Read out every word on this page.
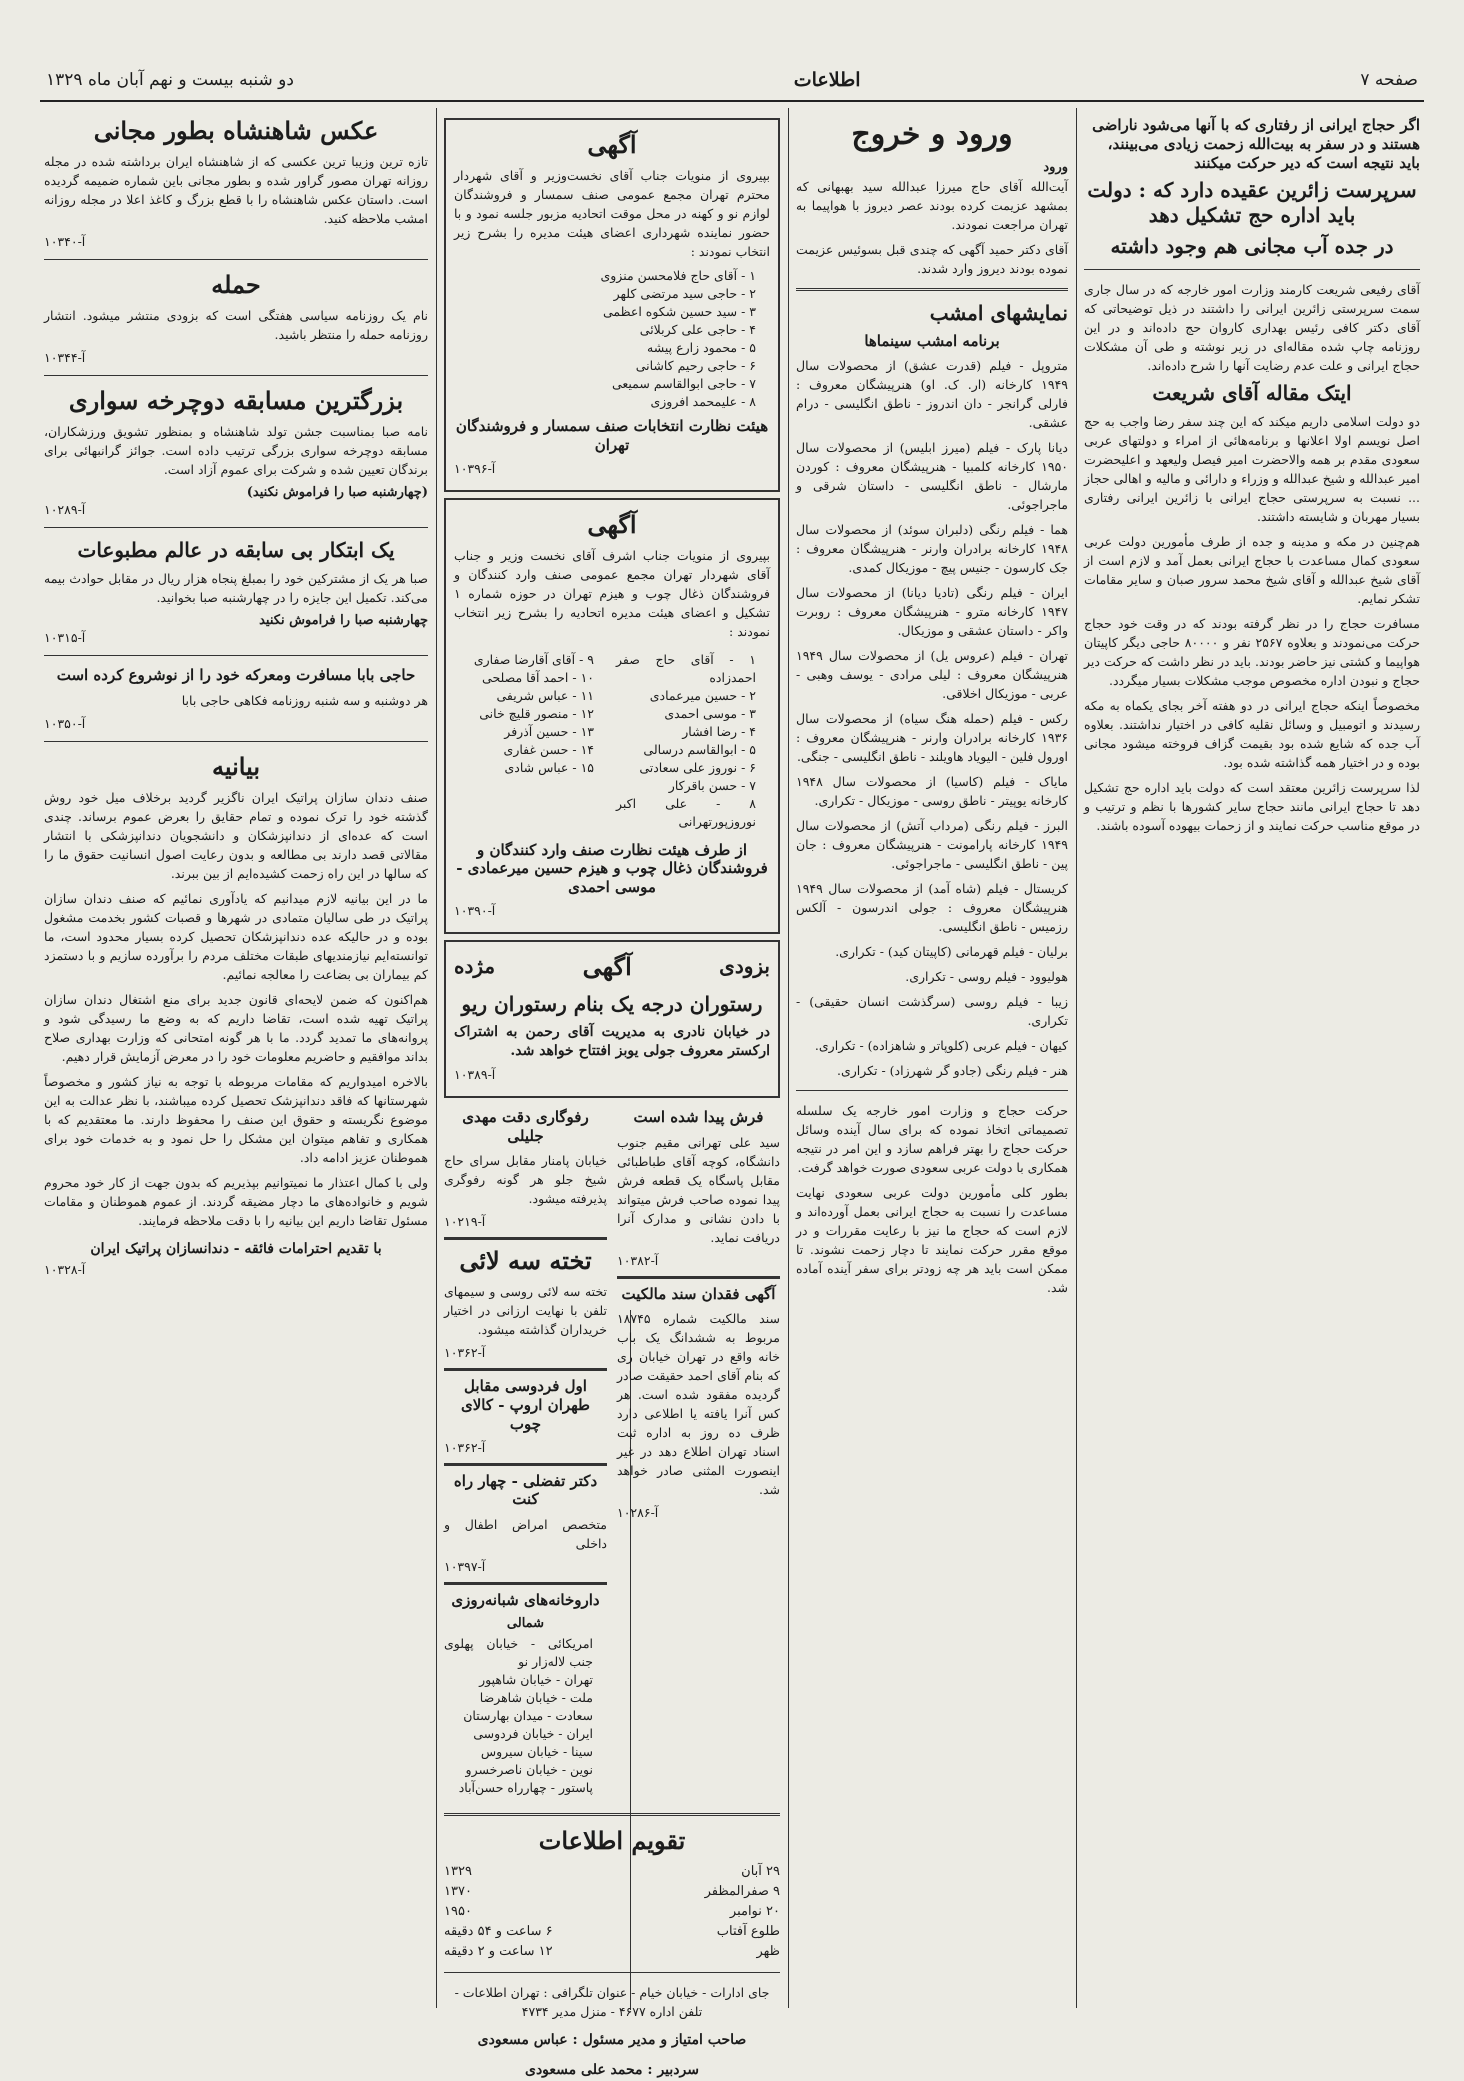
صفحه ۷
اطلاعات
دو شنبه بیست و نهم آبان ماه ۱۳۲۹
اگر حجاج ایرانی از رفتاری که با آنها می‌شود ناراضی هستند و در سفر به بیت‌الله زحمت زیادی می‌بینند، باید نتیجه است که دیر حرکت میکنند
سرپرست زائرین عقیده دارد که : دولت باید اداره حج تشکیل دهد
در جده آب مجانی هم وجود داشته

آقای رفیعی شریعت کارمند وزارت امور خارجه که در سال جاری سمت سرپرستی زائرین ایرانی را داشتند در ذیل توضیحاتی که آقای دکتر کافی رئیس بهداری کاروان حج داده‌اند و در این روزنامه چاپ شده مقاله‌ای در زیر نوشته و طی آن مشکلات حجاج ایرانی و علت عدم رضایت آنها را شرح داده‌اند.

ایتک مقاله آقای شریعت

دو دولت اسلامی داریم میکند که این چند سفر رضا واجب به حج اصل نویسم اولا اعلانها و برنامه‌هائی از امراء و دولتهای عربی سعودی مقدم بر همه والاحضرت امیر فیصل ولیعهد و اعلیحضرت امیر عبدالله و شیخ عبدالله و وزراء و دارائی و مالیه و اهالی حجاز ... نسبت به سرپرستی حجاج ایرانی با زائرین ایرانی رفتاری بسیار مهربان و شایسته داشتند.

هم‌چنین در مکه و مدینه و جده از طرف مأمورین دولت عربی سعودی کمال مساعدت با حجاج ایرانی بعمل آمد و لازم است از آقای شیخ عبدالله و آقای شیخ محمد سرور صبان و سایر مقامات تشکر نمایم.

مسافرت حجاج را در نظر گرفته بودند که در وقت خود حجاج حرکت می‌نمودند و بعلاوه ۲۵۶۷ نفر و ۸۰۰۰۰ حاجی دیگر کاپیتان هواپیما و کشتی نیز حاضر بودند. باید در نظر داشت که حرکت دیر حجاج و نبودن اداره مخصوص موجب مشکلات بسیار میگردد.

مخصوصاً اینکه حجاج ایرانی در دو هفته آخر بجای یکماه به مکه رسیدند و اتومبیل و وسائل نقلیه کافی در اختیار نداشتند. بعلاوه آب جده که شایع شده بود بقیمت گزاف فروخته میشود مجانی بوده و در اختیار همه گذاشته شده بود.

لذا سرپرست زائرین معتقد است که دولت باید اداره حج تشکیل دهد تا حجاج ایرانی مانند حجاج سایر کشورها با نظم و ترتیب و در موقع مناسب حرکت نمایند و از زحمات بیهوده آسوده باشند.

ورود و خروج
ورود

آیت‌الله آقای حاج میرزا عبدالله سید بهبهانی که بمشهد عزیمت کرده بودند عصر دیروز با هواپیما به تهران مراجعت نمودند.

آقای دکتر حمید آگهی که چندی قبل بسوئیس عزیمت نموده بودند دیروز وارد شدند.

نمایشهای امشب
برنامه امشب سینماها

متروپل - فیلم (قدرت عشق) از محصولات سال ۱۹۴۹ کارخانه (ار. ک. او) هنرپیشگان معروف : فارلی گرانجر - دان اندروز - ناطق انگلیسی - درام عشقی.

دیانا پارک - فیلم (میرز ابلیس) از محصولات سال ۱۹۵۰ کارخانه کلمبیا - هنرپیشگان معروف : کوردن مارشال - ناطق انگلیسی - داستان شرقی و ماجراجوئی.

هما - فیلم رنگی (دلبران سوئد) از محصولات سال ۱۹۴۸ کارخانه برادران وارنر - هنرپیشگان معروف : جک کارسون - جنیس پیچ - موزیکال کمدی.

ایران - فیلم رنگی (تادیا دیانا) از محصولات سال ۱۹۴۷ کارخانه مترو - هنرپیشگان معروف : روبرت واکر - داستان عشقی و موزیکال.

تهران - فیلم (عروس یل) از محصولات سال ۱۹۴۹ هنرپیشگان معروف : لیلی مرادی - یوسف وهبی - عربی - موزیکال اخلاقی.

رکس - فیلم (حمله هنگ سیاه) از محصولات سال ۱۹۳۶ کارخانه برادران وارنر - هنرپیشگان معروف : اورول فلین - الیویاد هاویلند - ناطق انگلیسی - جنگی.

مایاک - فیلم (کاسیا) از محصولات سال ۱۹۴۸ کارخانه یوپیتر - ناطق روسی - موزیکال - تکراری.

البرز - فیلم رنگی (مرداب آتش) از محصولات سال ۱۹۴۹ کارخانه پارامونت - هنرپیشگان معروف : جان پین - ناطق انگلیسی - ماجراجوئی.

کریستال - فیلم (شاه آمد) از محصولات سال ۱۹۴۹ هنرپیشگان معروف : جولی اندرسون - آلکس رزمیس - ناطق انگلیسی.

برلیان - فیلم قهرمانی (کاپیتان کید) - تکراری.

هولیوود - فیلم روسی - تکراری.

زیبا - فیلم روسی (سرگذشت انسان حقیقی) - تکراری.

کیهان - فیلم عربی (کلوپاتر و شاهزاده) - تکراری.

هنر - فیلم رنگی (جادو گر شهرزاد) - تکراری.

حرکت حجاج و وزارت امور خارجه یک سلسله تصمیماتی اتخاذ نموده که برای سال آینده وسائل حرکت حجاج را بهتر فراهم سازد و این امر در نتیجه همکاری با دولت عربی سعودی صورت خواهد گرفت.

بطور کلی مأمورین دولت عربی سعودی نهایت مساعدت را نسبت به حجاج ایرانی بعمل آورده‌اند و لازم است که حجاج ما نیز با رعایت مقررات و در موقع مقرر حرکت نمایند تا دچار زحمت نشوند. تا ممکن است باید هر چه زودتر برای سفر آینده آماده شد.

آگهی

بپیروی از منویات جناب آقای نخست‌وزیر و آقای شهردار محترم تهران مجمع عمومی صنف سمسار و فروشندگان لوازم نو و کهنه در محل موقت اتحادیه مزبور جلسه نمود و با حضور نماینده شهرداری اعضای هیئت مدیره را بشرح زیر انتخاب نمودند :

۱ - آقای حاج فلامحسن منزوی
۲ - حاجی سید مرتضی کلهر
۳ - سید حسین شکوه اعظمی
۴ - حاجی علی کربلائی
۵ - محمود زارع پیشه
۶ - حاجی رحیم کاشانی
۷ - حاجی ابوالقاسم سمیعی
۸ - علیمحمد افروزی
هیئت نظارت انتخابات صنف سمسار و فروشندگان تهران
آ-۱۰۳۹۶
آگهی

بپیروی از منویات جناب اشرف آقای نخست وزیر و جناب آقای شهردار تهران مجمع عمومی صنف وارد کنندگان و فروشندگان ذغال چوب و هیزم تهران در حوزه شماره ۱ تشکیل و اعضای هیئت مدیره اتحادیه را بشرح زیر انتخاب نمودند :

۱ - آقای حاج صفر احمدزاده
۲ - حسین میرعمادی
۳ - موسی احمدی
۴ - رضا افشار
۵ - ابوالقاسم درسالی
۶ - نوروز علی سعادتی
۷ - حسن باقرکار
۸ - علی اکبر نوروزپورتهرانی
۹ - آقای آقارضا صفاری
۱۰ - احمد آقا مصلحی
۱۱ - عباس شریفی
۱۲ - منصور قلیچ خانی
۱۳ - حسین آذرفر
۱۴ - حسن غفاری
۱۵ - عباس شادی
از طرف هیئت نظارت صنف وارد کنندگان و فروشندگان ذغال چوب و هیزم حسین میرعمادی - موسی احمدی
آ-۱۰۳۹۰
بزودی
آگهی
مژده
رستوران درجه یک بنام رستوران ریو

در خیابان نادری به مدیریت آقای رحمن به اشتراک ارکستر معروف جولی یوبز افتتاح خواهد شد.

آ-۱۰۳۸۹
فرش پیدا شده است

سید علی تهرانی مقیم جنوب دانشگاه، کوچه آقای طباطبائی مقابل پاسگاه یک قطعه فرش پیدا نموده صاحب فرش میتواند با دادن نشانی و مدارک آنرا دریافت نماید.

آ-۱۰۳۸۲
آگهی فقدان سند مالکیت

سند مالکیت شماره ۱۸۷۴۵ مربوط به ششدانگ یک باب خانه واقع در تهران خیابان ری که بنام آقای احمد حقیقت صادر گردیده مفقود شده است. هر کس آنرا یافته یا اطلاعی دارد ظرف ده روز به اداره ثبت اسناد تهران اطلاع دهد در غیر اینصورت المثنی صادر خواهد شد.

آ-۱۰۲۸۶
رفوگاری دقت مهدی جلیلی

خیابان پامنار مقابل سرای حاج شیخ جلو هر گونه رفوگری پذیرفته میشود.

آ-۱۰۲۱۹
تخته سه لائی

تخته سه لائی روسی و سیمهای تلفن با نهایت ارزانی در اختیار خریداران گذاشته میشود.

آ-۱۰۳۶۲
اول فردوسی مقابل طهران اروپ - کالای چوب
آ-۱۰۳۶۲
دکتر تفضلی - چهار راه کنت

متخصص امراض اطفال و داخلی

آ-۱۰۳۹۷
داروخانه‌های شبانه‌روزی
شمالی
امریکائی - خیابان پهلوی جنب لاله‌زار نو
تهران - خیابان شاهپور
ملت - خیابان شاهرضا
سعادت - میدان بهارستان
ایران - خیابان فردوسی
سینا - خیابان سیروس
نوین - خیابان ناصرخسرو
پاستور - چهارراه حسن‌آباد
تقویم اطلاعات
۲۹ آبان
۱۳۲۹
۹ صفرالمظفر
۱۳۷۰
۲۰ نوامبر
۱۹۵۰
طلوع آفتاب
۶ ساعت و ۵۴ دقیقه
ظهر
۱۲ ساعت و ۲ دقیقه

جای ادارات - خیابان خیام - عنوان تلگرافی : تهران اطلاعات - تلفن اداره ۴۶۷۷ - منزل مدیر ۴۷۳۴

صاحب امتیاز و مدیر مسئول : عباس مسعودی
سردبیر : محمد علی مسعودی
عکس شاهنشاه بطور مجانی

تازه ترین وزیبا ترین عکسی که از شاهنشاه ایران برداشته شده در مجله روزانه تهران مصور گراور شده و بطور مجانی باین شماره ضمیمه گردیده است. داستان عکس شاهنشاه را با قطع بزرگ و کاغذ اعلا در مجله روزانه امشب ملاحظه کنید.

آ-۱۰۳۴۰
حمله

نام یک روزنامه سیاسی هفتگی است که بزودی منتشر میشود. انتشار روزنامه حمله را منتظر باشید.

آ-۱۰۳۴۴
بزرگترین مسابقه دوچرخه سواری

نامه صبا بمناسبت جشن تولد شاهنشاه و بمنظور تشویق ورزشکاران، مسابقه دوچرخه سواری بزرگی ترتیب داده است. جوائز گرانبهائی برای برندگان تعیین شده و شرکت برای عموم آزاد است.

(چهارشنبه صبا را فراموش نکنید)
آ-۱۰۲۸۹
یک ابتکار بی سابقه در عالم مطبوعات

صبا هر یک از مشترکین خود را بمبلغ پنجاه هزار ریال در مقابل حوادث بیمه می‌کند. تکمیل این جایزه را در چهارشنبه صبا بخوانید.

چهارشنبه صبا را فراموش نکنید
آ-۱۰۳۱۵
حاجی بابا مسافرت ومعرکه خود را از نوشروع کرده است

هر دوشنبه و سه شنبه روزنامه فکاهی حاجی بابا

آ-۱۰۳۵۰
بیانیه

صنف دندان سازان پراتیک ایران ناگزیر گردید برخلاف میل خود روش گذشته خود را ترک نموده و تمام حقایق را بعرض عموم برساند. چندی است که عده‌ای از دندانپزشکان و دانشجویان دندانپزشکی با انتشار مقالاتی قصد دارند بی مطالعه و بدون رعایت اصول انسانیت حقوق ما را که سالها در این راه زحمت کشیده‌ایم از بین ببرند.

ما در این بیانیه لازم میدانیم که یادآوری نمائیم که صنف دندان سازان پراتیک در طی سالیان متمادی در شهرها و قصبات کشور بخدمت مشغول بوده و در حالیکه عده دندانپزشکان تحصیل کرده بسیار محدود است، ما توانسته‌ایم نیازمندیهای طبقات مختلف مردم را برآورده سازیم و با دستمزد کم بیماران بی بضاعت را معالجه نمائیم.

هم‌اکنون که ضمن لایحه‌ای قانون جدید برای منع اشتغال دندان سازان پراتیک تهیه شده است، تقاضا داریم که به وضع ما رسیدگی شود و پروانه‌های ما تمدید گردد. ما با هر گونه امتحانی که وزارت بهداری صلاح بداند موافقیم و حاضریم معلومات خود را در معرض آزمایش قرار دهیم.

بالاخره امیدواریم که مقامات مربوطه با توجه به نیاز کشور و مخصوصاً شهرستانها که فاقد دندانپزشک تحصیل کرده میباشند، با نظر عدالت به این موضوع نگریسته و حقوق این صنف را محفوظ دارند. ما معتقدیم که با همکاری و تفاهم میتوان این مشکل را حل نمود و به خدمات خود برای هموطنان عزیز ادامه داد.

ولی با کمال اعتذار ما نمیتوانیم بپذیریم که بدون جهت از کار خود محروم شویم و خانواده‌های ما دچار مضیقه گردند. از عموم هموطنان و مقامات مسئول تقاضا داریم این بیانیه را با دقت ملاحظه فرمایند.

با تقدیم احترامات فائقه - دندانسازان پراتیک ایران
آ-۱۰۳۲۸
